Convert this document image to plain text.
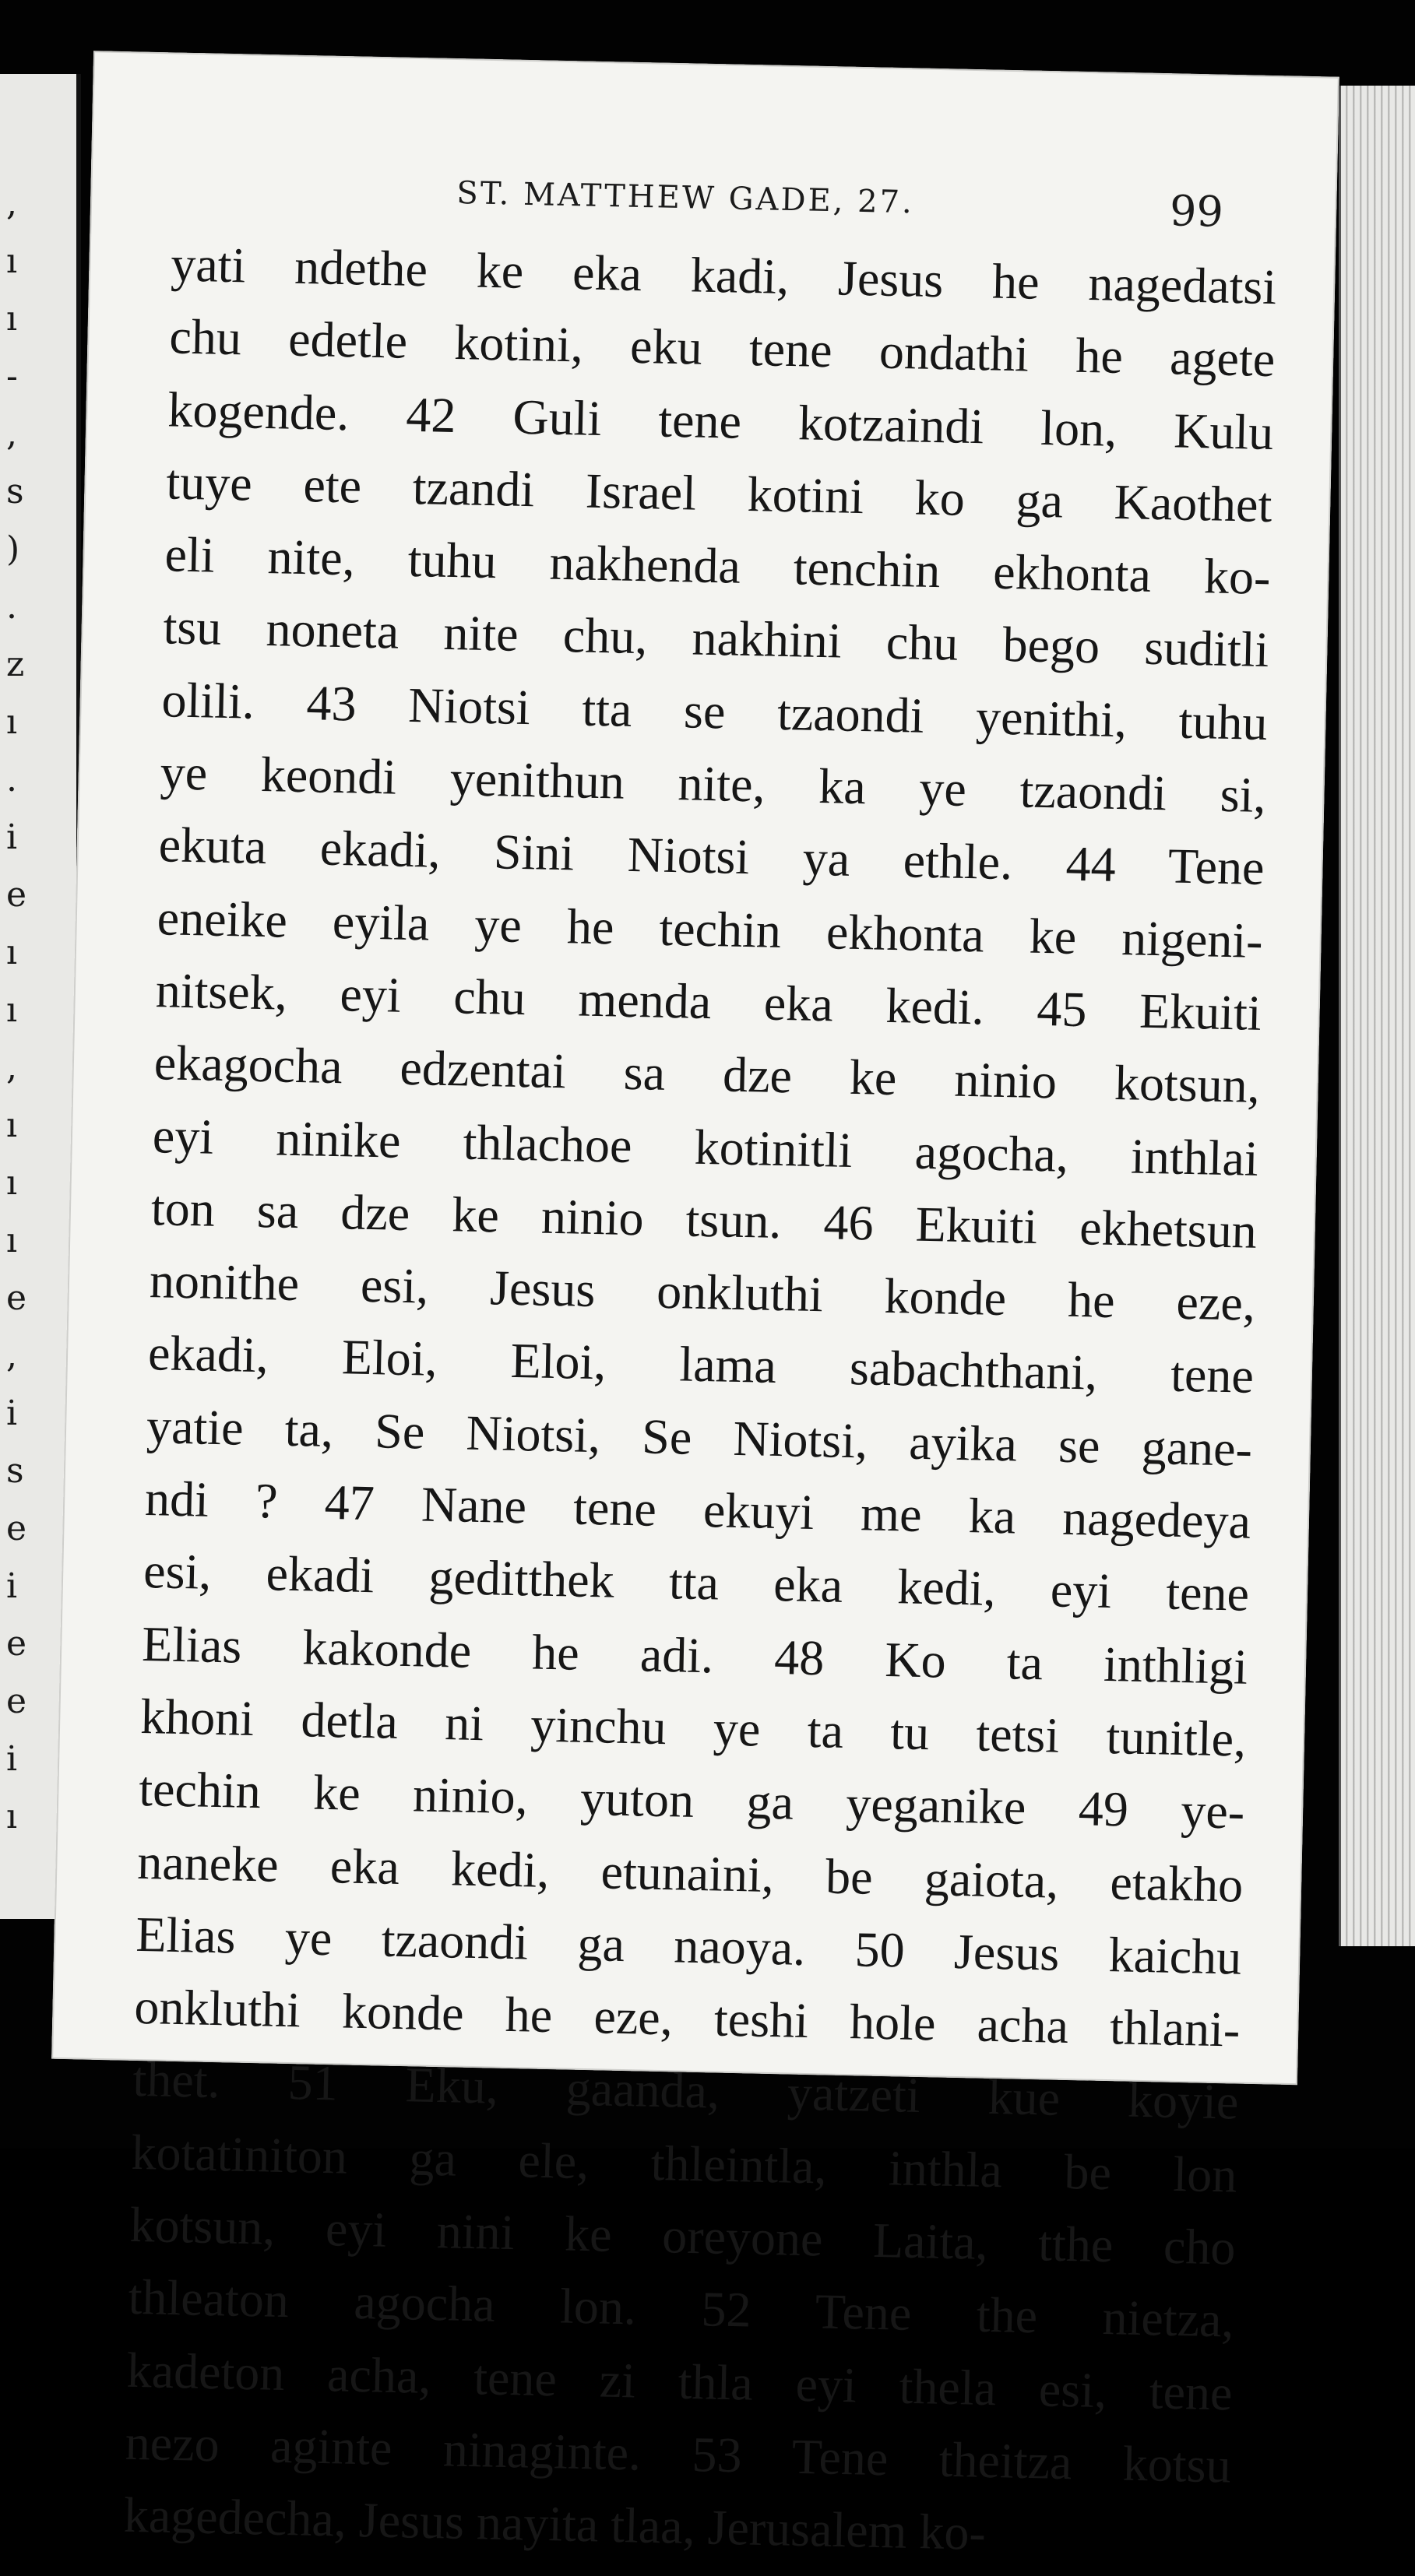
,
ı
ı
-
,
s
)
.
z
ı
.
i
e
ı
ı
,
ı
ı
ı
e
,
i
s
e
i
e
e
i
ı
ST. MATTHEW GADE, 27.	99
yati ndethe ke eka kadi, Jesus he nagedatsi
chu edetle kotini, eku tene ondathi he agete
kogende. 42 Guli tene kotzaindi lon, Kulu
tuye ete tzandi Israel kotini ko ga Kaothet
eli nite, tuhu nakhenda tenchin ekhonta ko-
tsu noneta nite chu, nakhini chu bego suditli
olili. 43 Niotsi tta se tzaondi yenithi, tuhu
ye keondi yenithun nite, ka ye tzaondi si,
ekuta ekadi, Sini Niotsi ya ethle. 44 Tene
eneike eyila ye he techin ekhonta ke nigeni-
nitsek, eyi chu menda eka kedi. 45 Ekuiti
ekagocha edzentai sa dze ke ninio kotsun,
eyi ninike thlachoe kotinitli agocha, inthlai
ton sa dze ke ninio tsun. 46 Ekuiti ekhetsun
nonithe esi, Jesus onkluthi konde he eze,
ekadi, Eloi, Eloi, lama sabachthani, tene
yatie ta, Se Niotsi, Se Niotsi, ayika se gane-
ndi ? 47 Nane tene ekuyi me ka nagedeya
esi, ekadi geditthek tta eka kedi, eyi tene
Elias kakonde he adi. 48 Ko ta inthligi
khoni detla ni yinchu ye ta tu tetsi tunitle,
techin ke ninio, yuton ga yeganike 49 ye-
naneke eka kedi, etunaini, be gaiota, etakho
Elias ye tzaondi ga naoya. 50 Jesus kaichu
onkluthi konde he eze, teshi hole acha thlani-
thet. 51 Eku, gaanda, yatzeti kue koyie
kotatiniton ga ele, thleintla, inthla be lon
kotsun, eyi nini ke oreyone Laita, tthe cho
thleaton agocha lon. 52 Tene the nietza,
kadeton acha, tene zi thla eyi thela esi, tene
nezo aginte ninaginte. 53 Tene theitza kotsu
kagedecha, Jesus nayita tlaa, Jerusalem ko-
